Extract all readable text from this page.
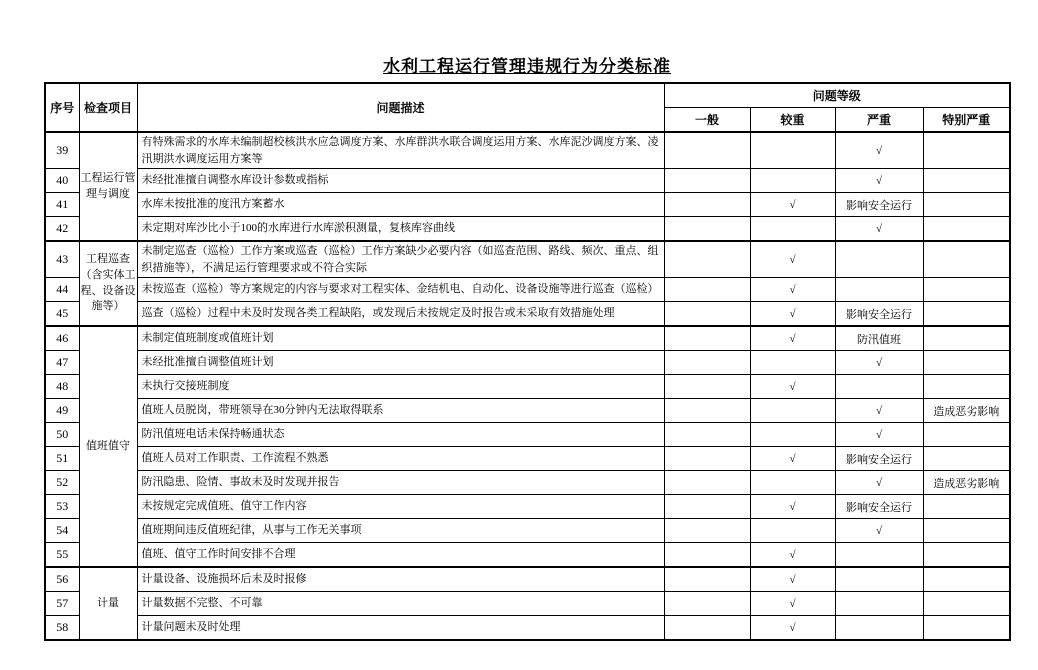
水利工程运行管理违规行为分类标准
序号	检查项目	问题描述	问题等级			
			一般	较重	严重	特别严重
39	工程运行管理与调度	有特殊需求的水库未编制超校核洪水应急调度方案、水库群洪水联合调度运用方案、水库泥沙调度方案、凌汛期洪水调度运用方案等			√	
40		未经批准擅自调整水库设计参数或指标			√	
41		水库未按批准的度汛方案蓄水		√	影响安全运行	
42		未定期对库沙比小于100的水库进行水库淤积测量，复核库容曲线			√	
43	工程巡查（含实体工程、设备设施等）	未制定巡查（巡检）工作方案或巡查（巡检）工作方案缺少必要内容（如巡查范围、路线、频次、重点、组织措施等），不满足运行管理要求或不符合实际		√		
44		未按巡查（巡检）等方案规定的内容与要求对工程实体、金结机电、自动化、设备设施等进行巡查（巡检）		√		
45		巡查（巡检）过程中未及时发现各类工程缺陷，或发现后未按规定及时报告或未采取有效措施处理		√	影响安全运行	
46	值班值守	未制定值班制度或值班计划		√	防汛值班	
47		未经批准擅自调整值班计划			√	
48		未执行交接班制度		√		
49		值班人员脱岗，带班领导在30分钟内无法取得联系			√	造成恶劣影响
50		防汛值班电话未保持畅通状态			√	
51		值班人员对工作职责、工作流程不熟悉		√	影响安全运行	
52		防汛隐患、险情、事故未及时发现并报告			√	造成恶劣影响
53		未按规定完成值班、值守工作内容		√	影响安全运行	
54		值班期间违反值班纪律，从事与工作无关事项			√	
55		值班、值守工作时间安排不合理		√		
56	计量	计量设备、设施损坏后未及时报修		√		
57		计量数据不完整、不可靠		√		
58		计量问题未及时处理		√		
